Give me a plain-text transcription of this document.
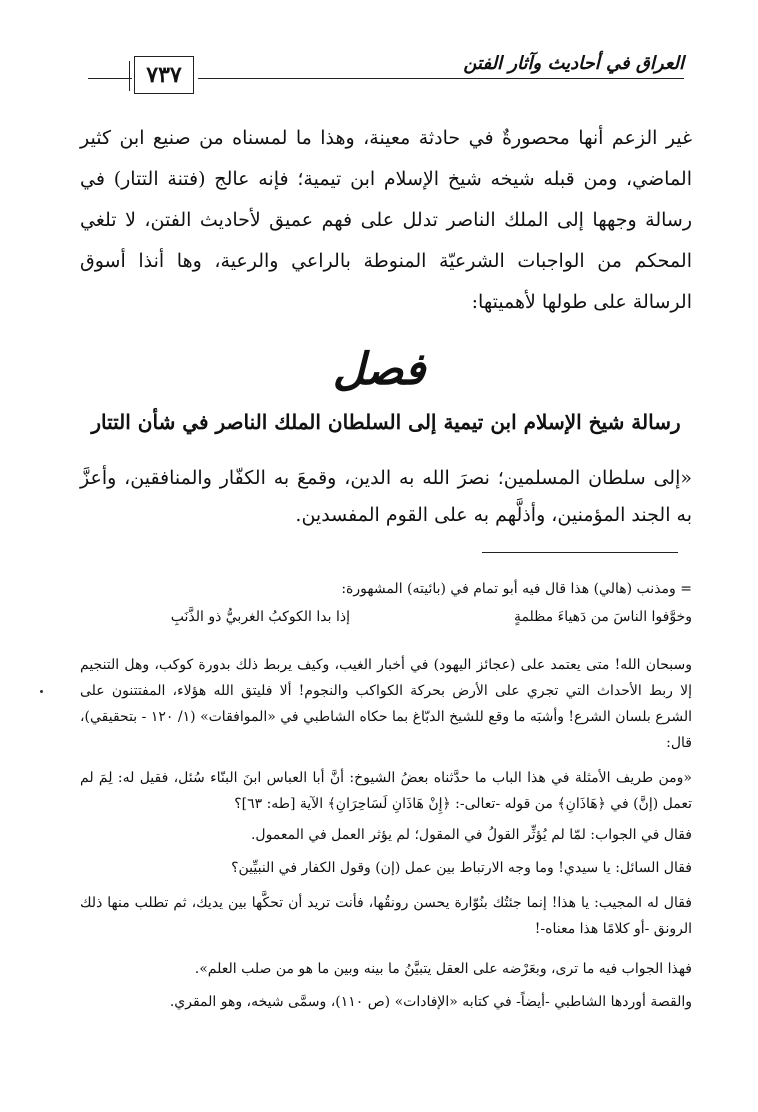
٧٣٧	العراق في أحاديث وآثار الفتن
غير الزعم أنها محصورةٌ في حادثة معينة، وهذا ما لمسناه من صنيع ابن كثير الماضي، ومن قبله شيخه شيخ الإسلام ابن تيمية؛ فإنه عالج (فتنة التتار) في رسالة وجهها إلى الملك الناصر تدلل على فهم عميق لأحاديث الفتن، لا تلغي المحكم من الواجبات الشرعيّة المنوطة بالراعي والرعية، وها أنذا أسوق الرسالة على طولها لأهميتها:
فصل
رسالة شيخ الإسلام ابن تيمية إلى السلطان الملك الناصر في شأن التتار
«إلى سلطان المسلمين؛ نصرَ الله به الدين، وقمعَ به الكفّار والمنافقين، وأعزَّ به الجند المؤمنين، وأذلَّهم به على القوم المفسدين.
= ومذنب (هالي) هذا قال فيه أبو تمام في (بائيته) المشهورة:
وخوَّفوا الناسَ من دَهياءَ مظلمةٍ
إذا بدا الكوكبُ الغربيُّ ذو الذَّنَبِ
وسبحان الله! متى يعتمد على (عجائز اليهود) في أخبار الغيب، وكيف يربط ذلك بدورة كوكب، وهل التنجيم إلا ربط الأحداث التي تجري على الأرض بحركة الكواكب والنجوم! ألا فليتق الله هؤلاء، المفتتنون على الشرع بلسان الشرع! وأشبَه ما وقع للشيخ الدبّاغ بما حكاه الشاطبي في «الموافقات» (١/ ١٢٠ - بتحقيقي)، قال:
«ومن طريف الأمثلة في هذا الباب ما حدَّثناه بعضُ الشيوخ: أنَّ أبا العباس ابنَ البنّاء سُئل، فقيل له: لِمَ لم تعمل (إنَّ) في ﴿هَاذَانِ﴾ من قوله -تعالى-: ﴿إِنْ هَاذَانِ لَسَاحِرَانِ﴾ الآية [طه: ٦٣]؟
فقال في الجواب: لمّا لم يُؤثِّر القولُ في المقول؛ لم يؤثر العمل في المعمول.
فقال السائل: يا سيدي! وما وجه الارتباط بين عمل (إن) وقول الكفار في النبيِّين؟
فقال له المجيب: يا هذا! إنما جئتُك بنُوّارة يحسن رونقُها، فأنت تريد أن تحكَّها بين يديك، ثم تطلب منها ذلك الرونق -أو كلامًا هذا معناه-!
فهذا الجواب فيه ما ترى، وبعَرْضه على العقل يتبيَّنُ ما بينه وبين ما هو من صلب العلم».
والقصة أوردها الشاطبي -أيضاً- في كتابه «الإفادات» (ص ١١٠)، وسمَّى شيخه، وهو المقري.
